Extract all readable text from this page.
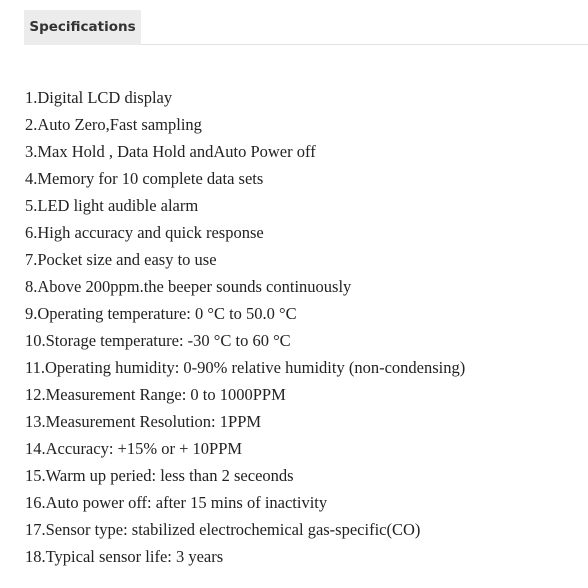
Specifications
1.Digital LCD display
2.Auto Zero,Fast sampling
3.Max Hold , Data Hold andAuto Power off
4.Memory for 10 complete data sets
5.LED light audible alarm
6.High accuracy and quick response
7.Pocket size and easy to use
8.Above 200ppm.the beeper sounds continuously
9.Operating temperature: 0 °C to 50.0 °C
10.Storage temperature: -30 °C to 60 °C
11.Operating humidity: 0-90% relative humidity (non-condensing)
12.Measurement Range: 0 to 1000PPM
13.Measurement Resolution: 1PPM
14.Accuracy: +15% or + 10PPM
15.Warm up peried: less than 2 seceonds
16.Auto power off: after 15 mins of inactivity
17.Sensor type: stabilized electrochemical gas-specific(CO)
18.Typical sensor life: 3 years
